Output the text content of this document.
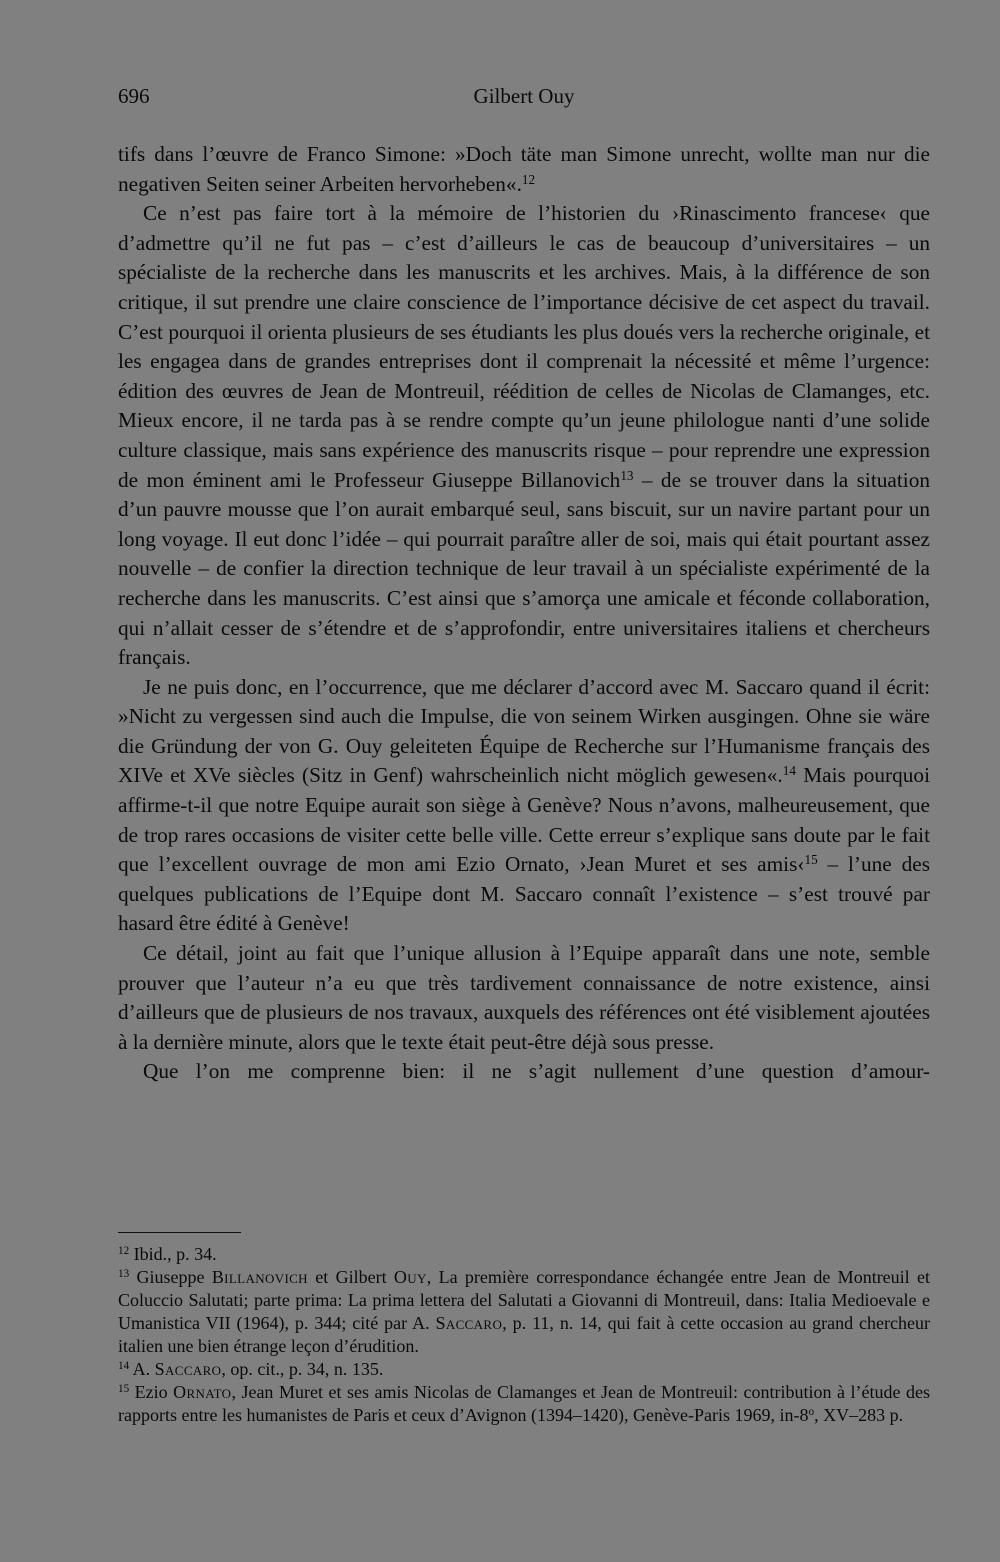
696	Gilbert Ouy

tifs dans l’œuvre de Franco Simone: »Doch täte man Simone unrecht, wollte man nur die negativen Seiten seiner Arbeiten hervorheben«.$^{12}$

Ce n’est pas faire tort à la mémoire de l’historien du ›Rinascimento francese‹ que d’admettre qu’il ne fut pas – c’est d’ailleurs le cas de beaucoup d’universitaires – un spécialiste de la recherche dans les manuscrits et les archives. Mais, à la différence de son critique, il sut prendre une claire conscience de l’importance décisive de cet aspect du travail. C’est pourquoi il orienta plusieurs de ses étudiants les plus doués vers la recherche originale, et les engagea dans de grandes entreprises dont il comprenait la nécessité et même l’urgence: édition des œuvres de Jean de Montreuil, réédition de celles de Nicolas de Clamanges, etc. Mieux encore, il ne tarda pas à se rendre compte qu’un jeune philologue nanti d’une solide culture classique, mais sans expérience des manuscrits risque – pour reprendre une expression de mon éminent ami le Professeur Giuseppe Billanovich$^{13}$ – de se trouver dans la situation d’un pauvre mousse que l’on aurait embarqué seul, sans biscuit, sur un navire partant pour un long voyage. Il eut donc l’idée – qui pourrait paraître aller de soi, mais qui était pourtant assez nouvelle – de confier la direction technique de leur travail à un spécialiste expérimenté de la recherche dans les manuscrits. C’est ainsi que s’amorça une amicale et féconde collaboration, qui n’allait cesser de s’étendre et de s’approfondir, entre universitaires italiens et chercheurs français.

Je ne puis donc, en l’occurrence, que me déclarer d’accord avec M. Saccaro quand il écrit: »Nicht zu vergessen sind auch die Impulse, die von seinem Wirken ausgingen. Ohne sie wäre die Gründung der von G. Ouy geleiteten Équipe de Recherche sur l’Humanisme français des XIVe et XVe siècles (Sitz in Genf) wahrscheinlich nicht möglich gewesen«.$^{14}$ Mais pourquoi affirme-t-il que notre Equipe aurait son siège à Genève? Nous n’avons, malheureusement, que de trop rares occasions de visiter cette belle ville. Cette erreur s’explique sans doute par le fait que l’excellent ouvrage de mon ami Ezio Ornato, ›Jean Muret et ses amis‹$^{15}$ – l’une des quelques publications de l’Equipe dont M. Saccaro connaît l’existence – s’est trouvé par hasard être édité à Genève!

Ce détail, joint au fait que l’unique allusion à l’Equipe apparaît dans une note, semble prouver que l’auteur n’a eu que très tardivement connaissance de notre existence, ainsi d’ailleurs que de plusieurs de nos travaux, auxquels des références ont été visiblement ajoutées à la dernière minute, alors que le texte était peut-être déjà sous presse.

Que l’on me comprenne bien: il ne s’agit nullement d’une question d’amour-

$^{12}$ Ibid., p. 34.

$^{13}$ Giuseppe Billanovich et Gilbert Ouy, La première correspondance échangée entre Jean de Montreuil et Coluccio Salutati; parte prima: La prima lettera del Salutati a Giovanni di Montreuil, dans: Italia Medioevale e Umanistica VII (1964), p. 344; cité par A. Saccaro, p. 11, n. 14, qui fait à cette occasion au grand chercheur italien une bien étrange leçon d’érudition.

$^{14}$ A. Saccaro, op. cit., p. 34, n. 135.

$^{15}$ Ezio Ornato, Jean Muret et ses amis Nicolas de Clamanges et Jean de Montreuil: contribution à l’étude des rapports entre les humanistes de Paris et ceux d’Avignon (1394–1420), Genève-Paris 1969, in-8$^o$, XV–283 p.
